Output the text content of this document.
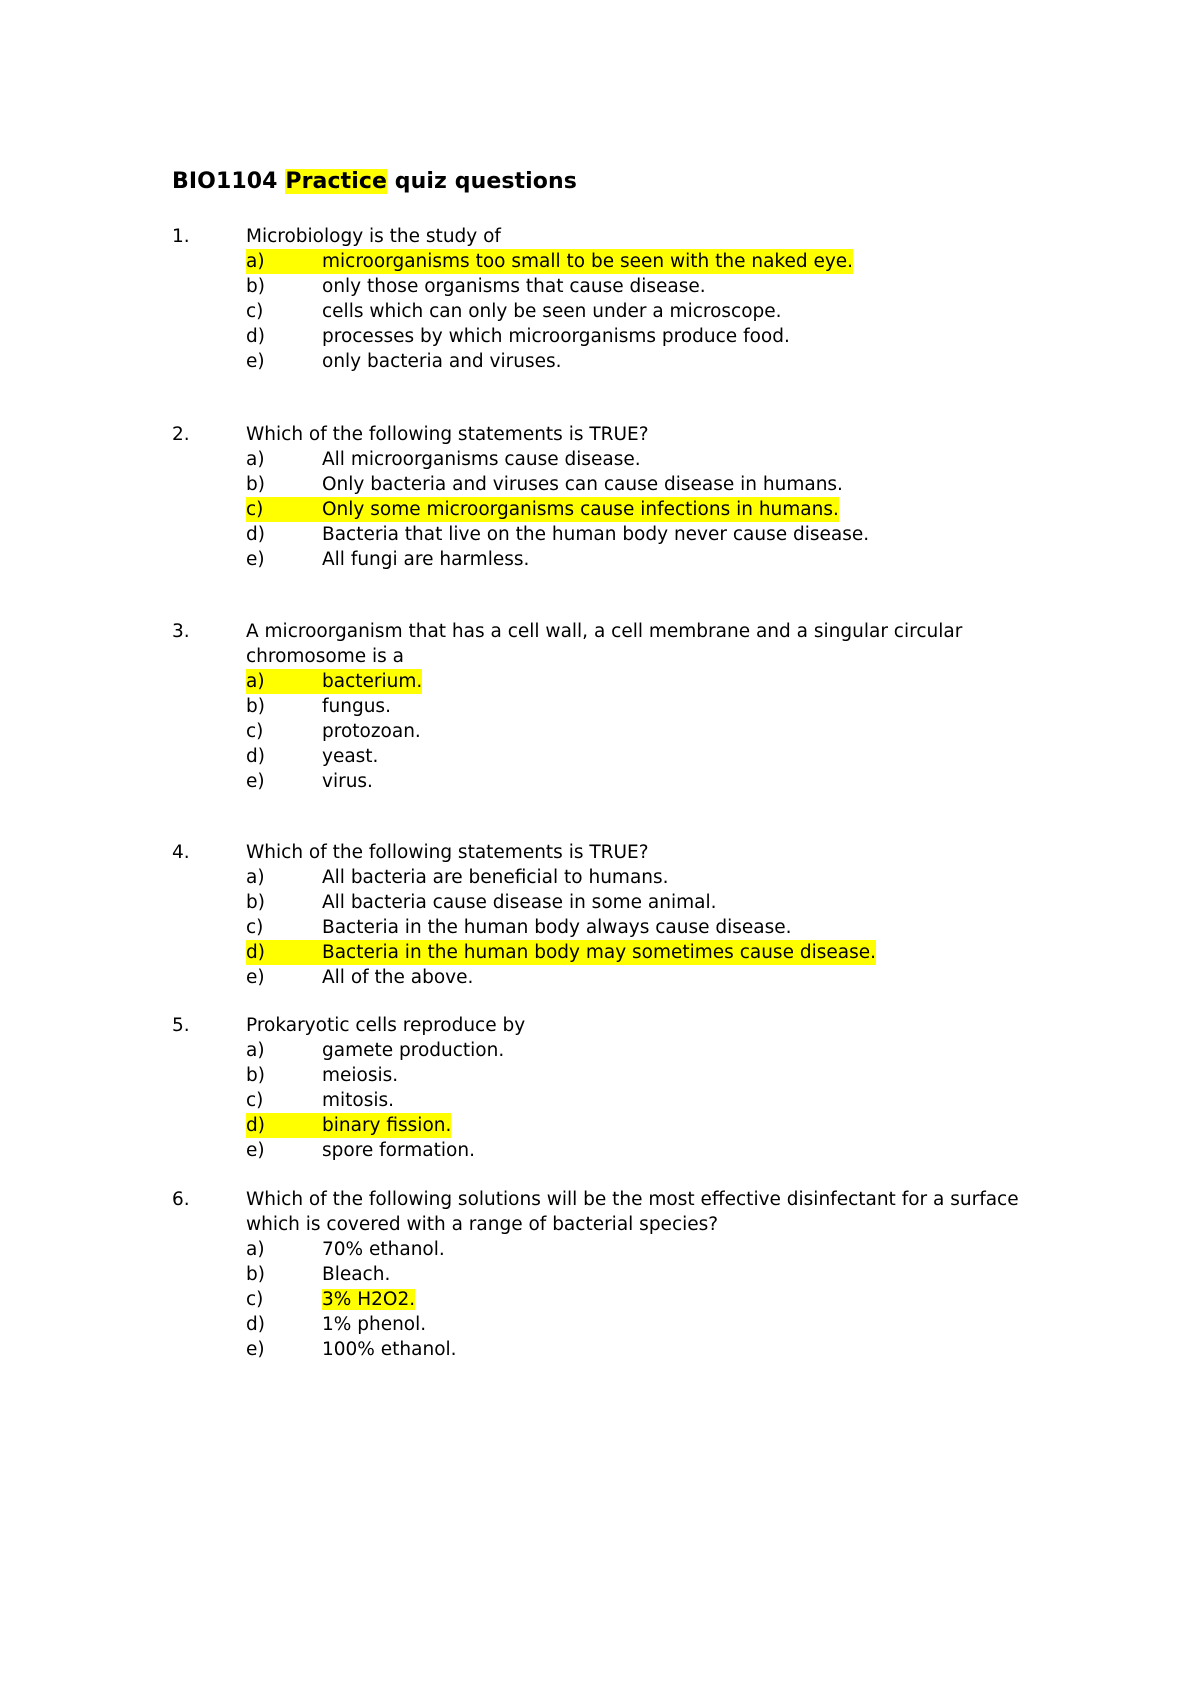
BIO1104 Practice quiz questions
1.	Microbiology is the study of
a)	microorganisms too small to be seen with the naked eye.
b)	only those organisms that cause disease.
c)	cells which can only be seen under a microscope.
d)	processes by which microorganisms produce food.
e)	only bacteria and viruses.
2.	Which of the following statements is TRUE?
a)	All microorganisms cause disease.
b)	Only bacteria and viruses can cause disease in humans.
c)	Only some microorganisms cause infections in humans.
d)	Bacteria that live on the human body never cause disease.
e)	All fungi are harmless.
3.	A microorganism that has a cell wall, a cell membrane and a singular circular chromosome is a
a)	bacterium.
b)	fungus.
c)	protozoan.
d)	yeast.
e)	virus.
4.	Which of the following statements is TRUE?
a)	All bacteria are beneficial to humans.
b)	All bacteria cause disease in some animal.
c)	Bacteria in the human body always cause disease.
d)	Bacteria in the human body may sometimes cause disease.
e)	All of the above.
5.	Prokaryotic cells reproduce by
a)	gamete production.
b)	meiosis.
c)	mitosis.
d)	binary fission.
e)	spore formation.
6.	Which of the following solutions will be the most effective disinfectant for a surface which is covered with a range of bacterial species?
a)	70% ethanol.
b)	Bleach.
c)	3% H2O2.
d)	1% phenol.
e)	100% ethanol.
